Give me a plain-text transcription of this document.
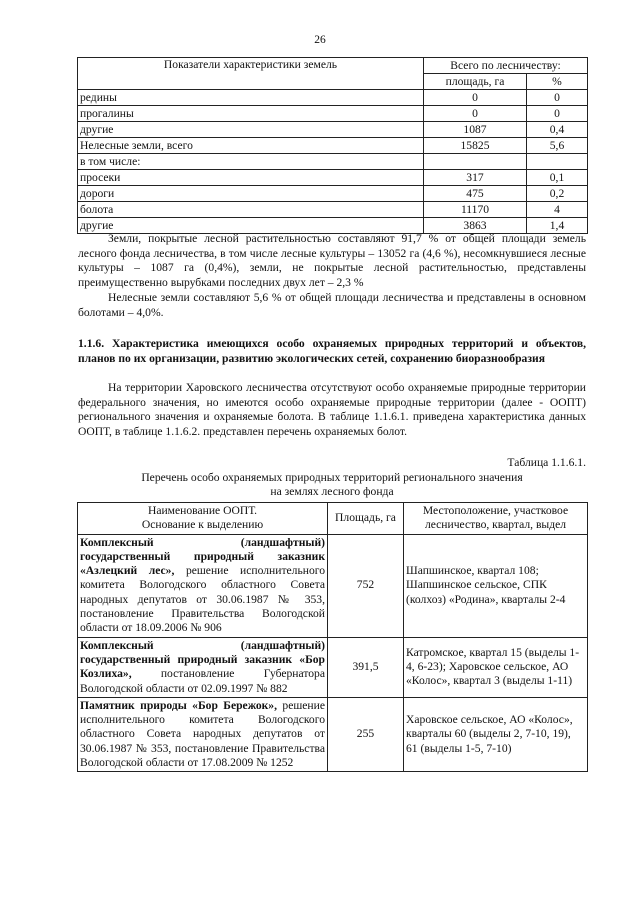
26
Показатели характеристики земель	Всего по лесничеству:	
	площадь, га	%
редины	0	0
прогалины	0	0
другие	1087	0,4
Нелесные земли, всего	15825	5,6
в том числе:		
просеки	317	0,1
дороги	475	0,2
болота	11170	4
другие	3863	1,4
Земли, покрытые лесной растительностью составляют 91,7 % от общей площади земель лесного фонда лесничества, в том числе лесные культуры – 13052 га (4,6 %), несомкнувшиеся лесные культуры – 1087 га (0,4%), земли, не покрытые лесной растительностью, представлены преимущественно вырубками последних двух лет – 2,3 %
Нелесные земли составляют 5,6 % от общей площади лесничества и представлены в основном болотами – 4,0%.
1.1.6. Характеристика имеющихся особо охраняемых природных территорий и объектов, планов по их организации, развитию экологических сетей, сохранению биоразнообразия
На территории Харовского лесничества отсутствуют особо охраняемые природные территории федерального значения, но имеются особо охраняемые природные территории (далее - ООПТ) регионального значения и охраняемые болота. В таблице 1.1.6.1. приведена характеристика данных ООПТ, в таблице 1.1.6.2. представлен перечень охраняемых болот.
Таблица 1.1.6.1.
Перечень особо охраняемых природных территорий регионального значения
на землях лесного фонда
Наименование ООПТ.
Основание к выделению	Площадь, га	Местоположение, участковое лесничество, квартал, выдел
Комплексный (ландшафтный) государственный природный заказник «Азлецкий лес», решение исполнительного комитета Вологодского областного Совета народных депутатов от 30.06.1987 № 353, постановление Правительства Вологодской области от 18.09.2006 № 906	752	Шапшинское, квартал 108; Шапшинское сельское, СПК (колхоз) «Родина», кварталы 2-4
Комплексный (ландшафтный) государственный природный заказник «Бор Козлиха», постановление Губернатора Вологодской области от 02.09.1997 № 882	391,5	Катромское, квартал 15 (выделы 1-4, 6-23); Харовское сельское, АО «Колос», квартал 3 (выделы 1-11)
Памятник природы «Бор Бережок», решение исполнительного комитета Вологодского областного Совета народных депутатов от 30.06.1987 № 353, постановление Правительства Вологодской области от 17.08.2009 № 1252	255	Харовское сельское, АО «Колос», кварталы 60 (выделы 2, 7-10, 19), 61 (выделы 1-5, 7-10)
